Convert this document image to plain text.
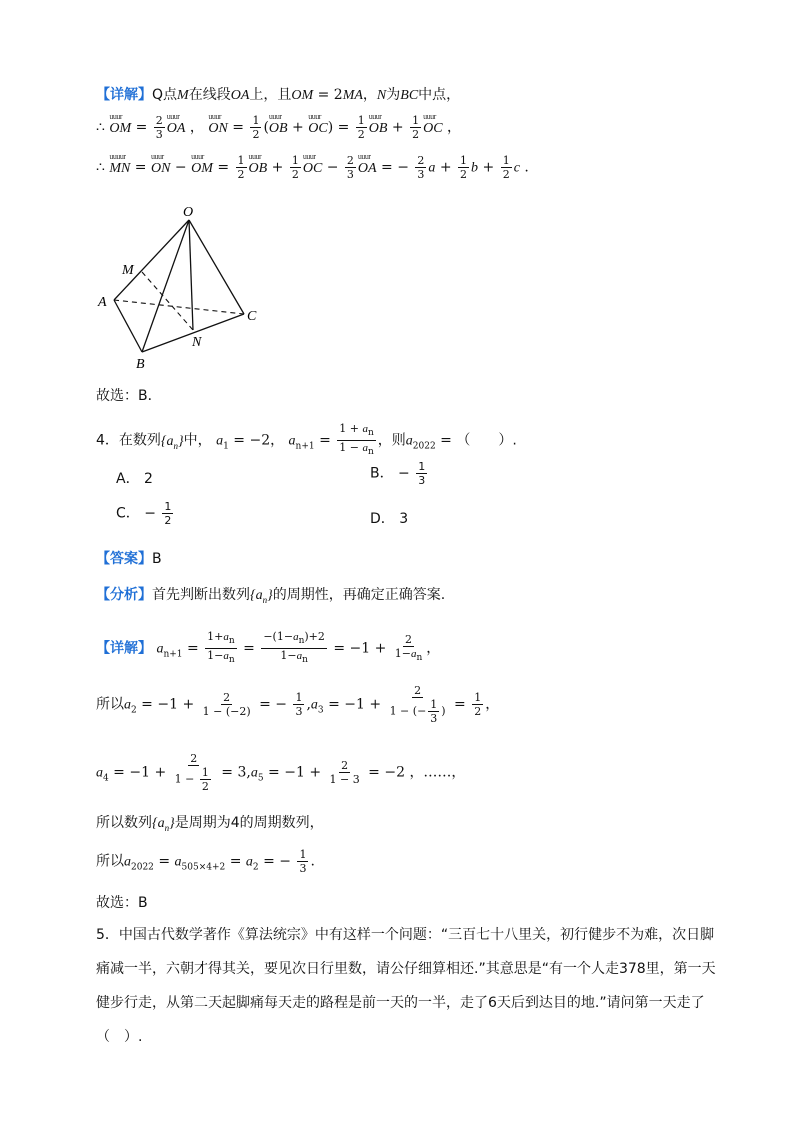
【详解】Q点M在线段OA上，且OM = 2MA，N为BC中点，
∴ uuur OM = $\frac{2}{3}$ uuur OA ， uuur ON = $\frac{1}{2}$ (uuur OB + uuur $OC) = \frac{1}{2}$ uuur OB + $\frac{1}{2}$ uuur OC ，
∴ uuuur MN = uuur ON − uuur OM = $\frac{1}{2}$ uuur OB + $\frac{1}{2}$ uuur OC − $\frac{2}{3}$ uuur OA = − $\frac{2}{3}$ $a + \frac{1}{2}$ $b + \frac{1}{2}$ c .
O
M
A
C
N
B
故选：B．
4．在数列$\{a_n\}$中， $a_1 = -2$， $a_{n+1} = \frac{1 + a_n}{1 - a_n}$ ，则$a_{2022}$ = （　　）.
A． 2	B． − $\frac{1}{3}$
C． − $\frac{1}{2}$	D． 3
【答案】B
【分析】首先判断出数列$\{a_n\}$的周期性，再确定正确答案.
【详解】 $a_{n+1} = \frac{1+a_n}{1-a_n} = \frac{-(1-a_n)+2}{1-a_n} = -1 + \frac{2}{1-a_n}$ ，
所以$a_2 = -1 + \frac{2}{1 - (-2)}$ = − $\frac{1}{3} ,a_3 = -1 + \frac{2}{1 - (- \frac{1}{3} )} = \frac{1}{2}$ ，
$a_4 = -1 + \frac{2}{1 - \frac{1}{2}} = 3,a_5 = -1 + \frac{2}{1 - 3} = -2$ ，……，
所以数列$\{a_n\}$是周期为4的周期数列，
所以$a_{2022} = a_{505\times 4+2} = a_2$ = − $\frac{1}{3}$ .
故选：B
5．中国古代数学著作《算法统宗》中有这样一个问题：“三百七十八里关，初行健步不为难，次日脚痛减一半，六朝才得其关，要见次日行里数，请公仔细算相还.”其意思是“有一个人走378里，第一天健步行走，从第二天起脚痛每天走的路程是前一天的一半，走了6天后到达目的地.”请问第一天走了（　）.
